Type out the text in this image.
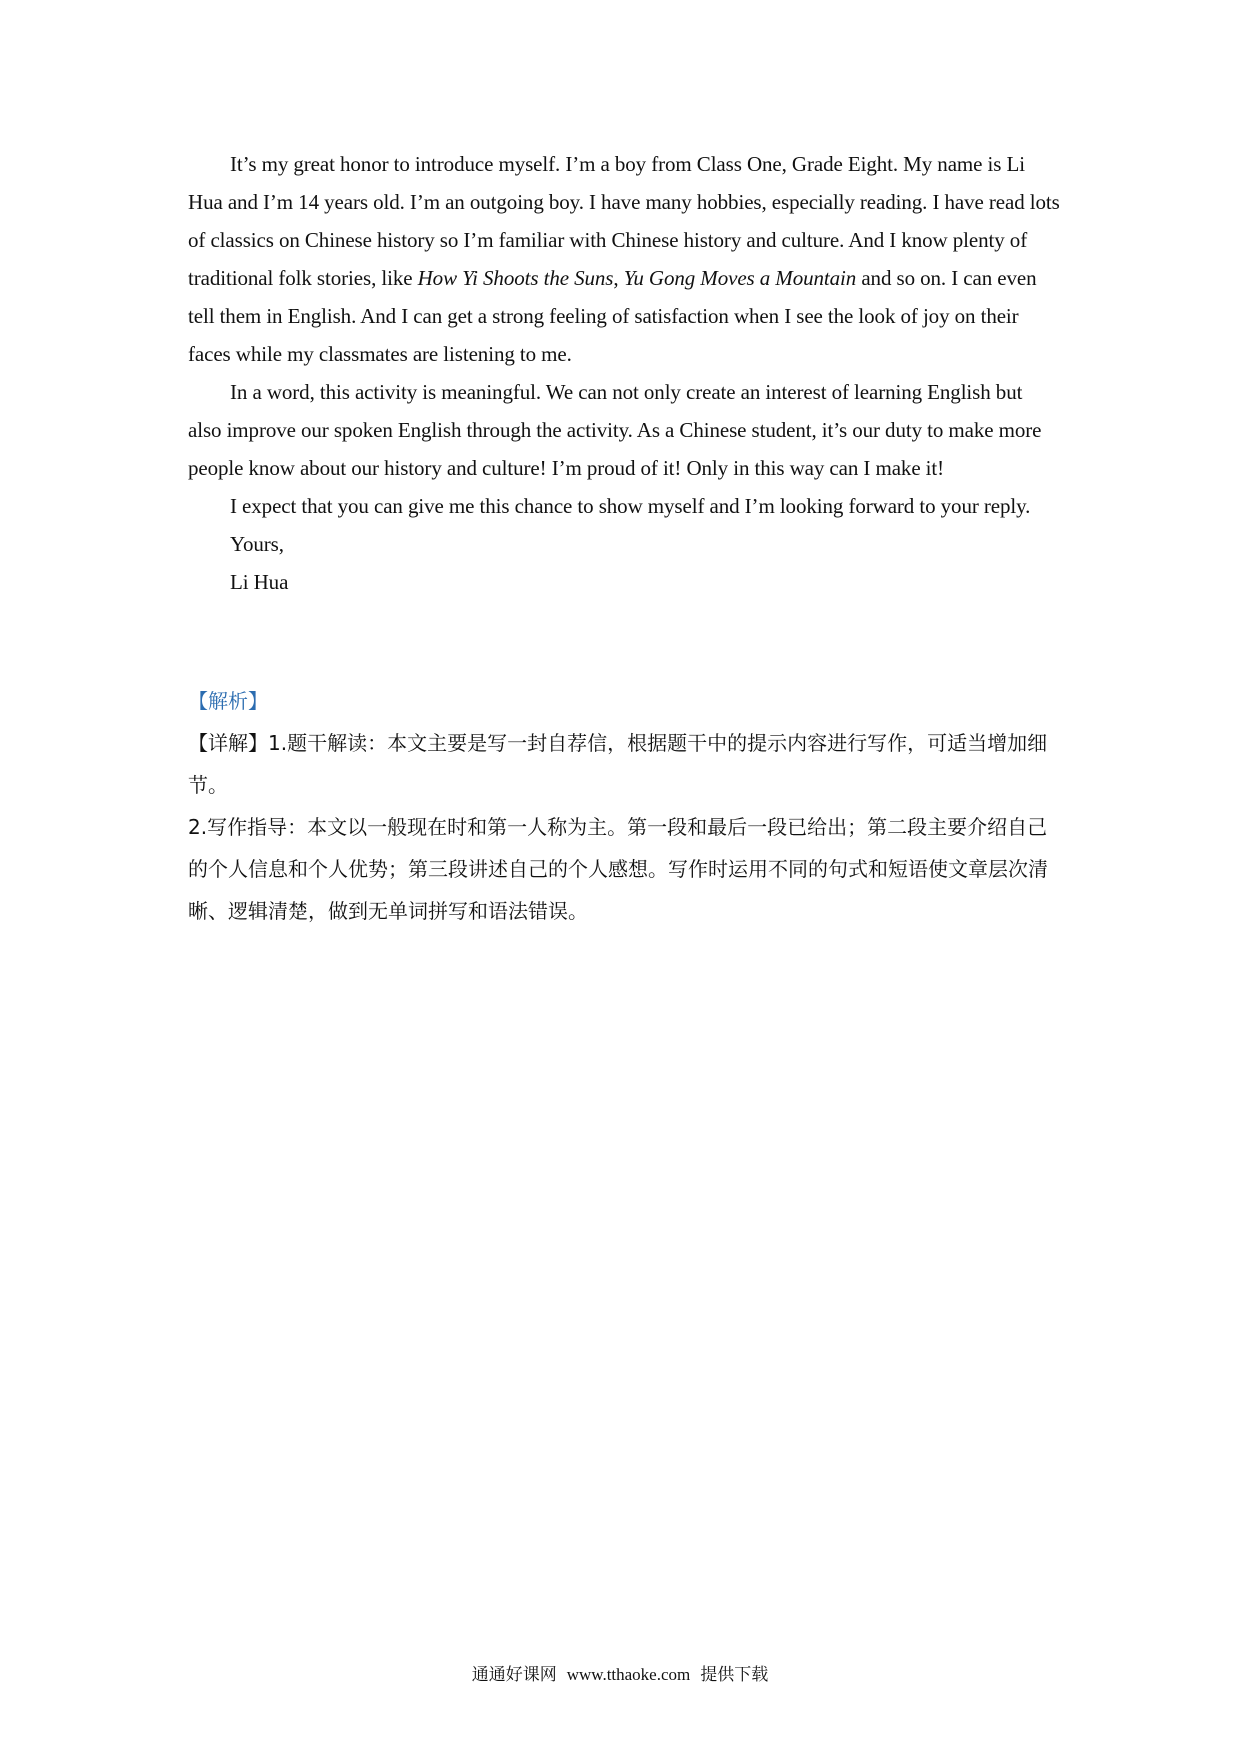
It’s my great honor to introduce myself. I’m a boy from Class One, Grade Eight. My name is Li Hua and I’m 14 years old. I’m an outgoing boy. I have many hobbies, especially reading. I have read lots of classics on Chinese history so I’m familiar with Chinese history and culture. And I know plenty of traditional folk stories, like How Yi Shoots the Suns, Yu Gong Moves a Mountain and so on. I can even tell them in English. And I can get a strong feeling of satisfaction when I see the look of joy on their faces while my classmates are listening to me.

In a word, this activity is meaningful. We can not only create an interest of learning English but also improve our spoken English through the activity. As a Chinese student, it’s our duty to make more people know about our history and culture! I’m proud of it! Only in this way can I make it!

I expect that you can give me this chance to show myself and I’m looking forward to your reply.

Yours,

Li Hua

【解析】

【详解】1.题干解读：本文主要是写一封自荐信，根据题干中的提示内容进行写作，可适当增加细节。

2.写作指导：本文以一般现在时和第一人称为主。第一段和最后一段已给出；第二段主要介绍自己的个人信息和个人优势；第三段讲述自己的个人感想。写作时运用不同的句式和短语使文章层次清晰、逻辑清楚，做到无单词拼写和语法错误。

通通好课网 www.tthaoke.com 提供下载
